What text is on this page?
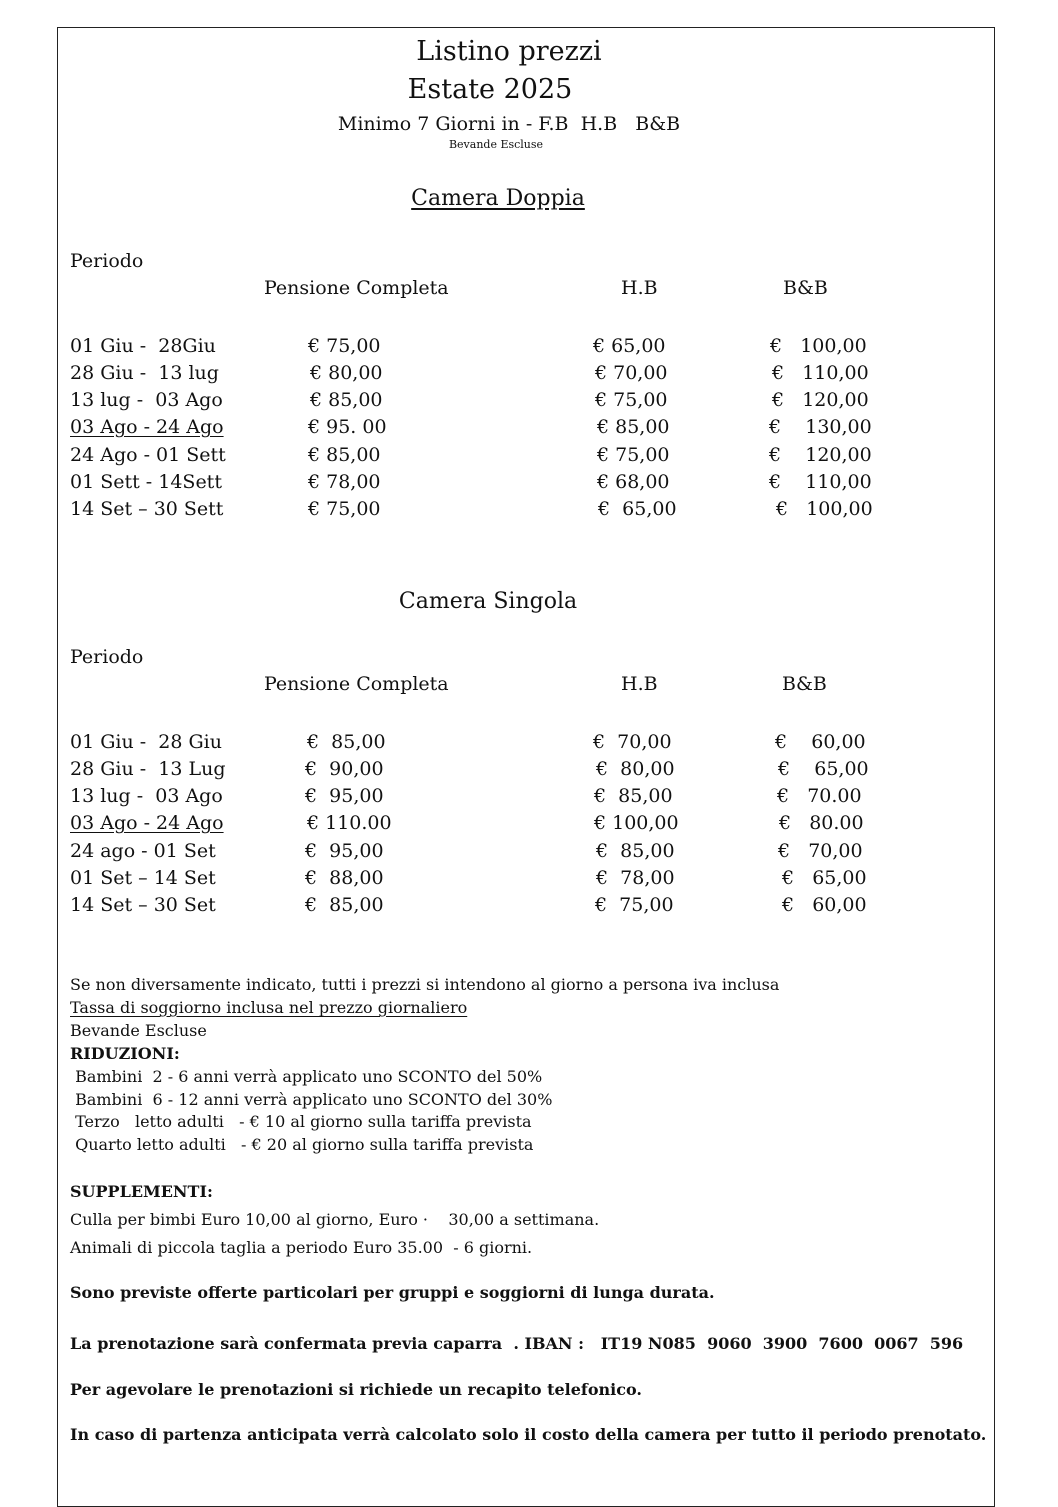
Listino prezzi
Estate 2025
Minimo 7 Giorni in - F.B  H.B   B&B
Bevande Escluse
Camera Doppia
Periodo
Pensione Completa	H.B	B&B
01 Giu -  28Giu	€ 75,00	€ 65,00	€   100,00
28 Giu -  13 lug	€ 80,00	€ 70,00	€   110,00
13 lug -  03 Ago	€ 85,00	€ 75,00	€   120,00
03 Ago - 24 Ago	€ 95. 00	€ 85,00	€    130,00
24 Ago - 01 Sett	€ 85,00	€ 75,00	€    120,00
01 Sett - 14Sett	€ 78,00	€ 68,00	€    110,00
14 Set – 30 Sett	€ 75,00	€  65,00	€   100,00
Camera Singola
Periodo
Pensione Completa	H.B	B&B
01 Giu -  28 Giu	€  85,00	€  70,00	€    60,00
28 Giu -  13 Lug	€  90,00	€  80,00	€    65,00
13 lug -  03 Ago	€  95,00	€  85,00	€   70.00
03 Ago - 24 Ago	€ 110.00	€ 100,00	€   80.00
24 ago - 01 Set	€  95,00	€  85,00	€   70,00
01 Set – 14 Set	€  88,00	€  78,00	€   65,00
14 Set – 30 Set	€  85,00	€  75,00	€   60,00
Se non diversamente indicato, tutti i prezzi si intendono al giorno a persona iva inclusa
Tassa di soggiorno inclusa nel prezzo giornaliero
Bevande Escluse
RIDUZIONI:
Bambini  2 - 6 anni verrà applicato uno SCONTO del 50%
Bambini  6 - 12 anni verrà applicato uno SCONTO del 30%
Terzo   letto adulti   - € 10 al giorno sulla tariffa prevista
Quarto letto adulti   - € 20 al giorno sulla tariffa prevista
SUPPLEMENTI:
Culla per bimbi Euro 10,00 al giorno, Euro ·    30,00 a settimana.
Animali di piccola taglia a periodo Euro 35.00  - 6 giorni.
Sono previste offerte particolari per gruppi e soggiorni di lunga durata.
La prenotazione sarà confermata previa caparra  . IBAN :   IT19 N085  9060  3900  7600  0067  596
Per agevolare le prenotazioni si richiede un recapito telefonico.
In caso di partenza anticipata verrà calcolato solo il costo della camera per tutto il periodo prenotato.
